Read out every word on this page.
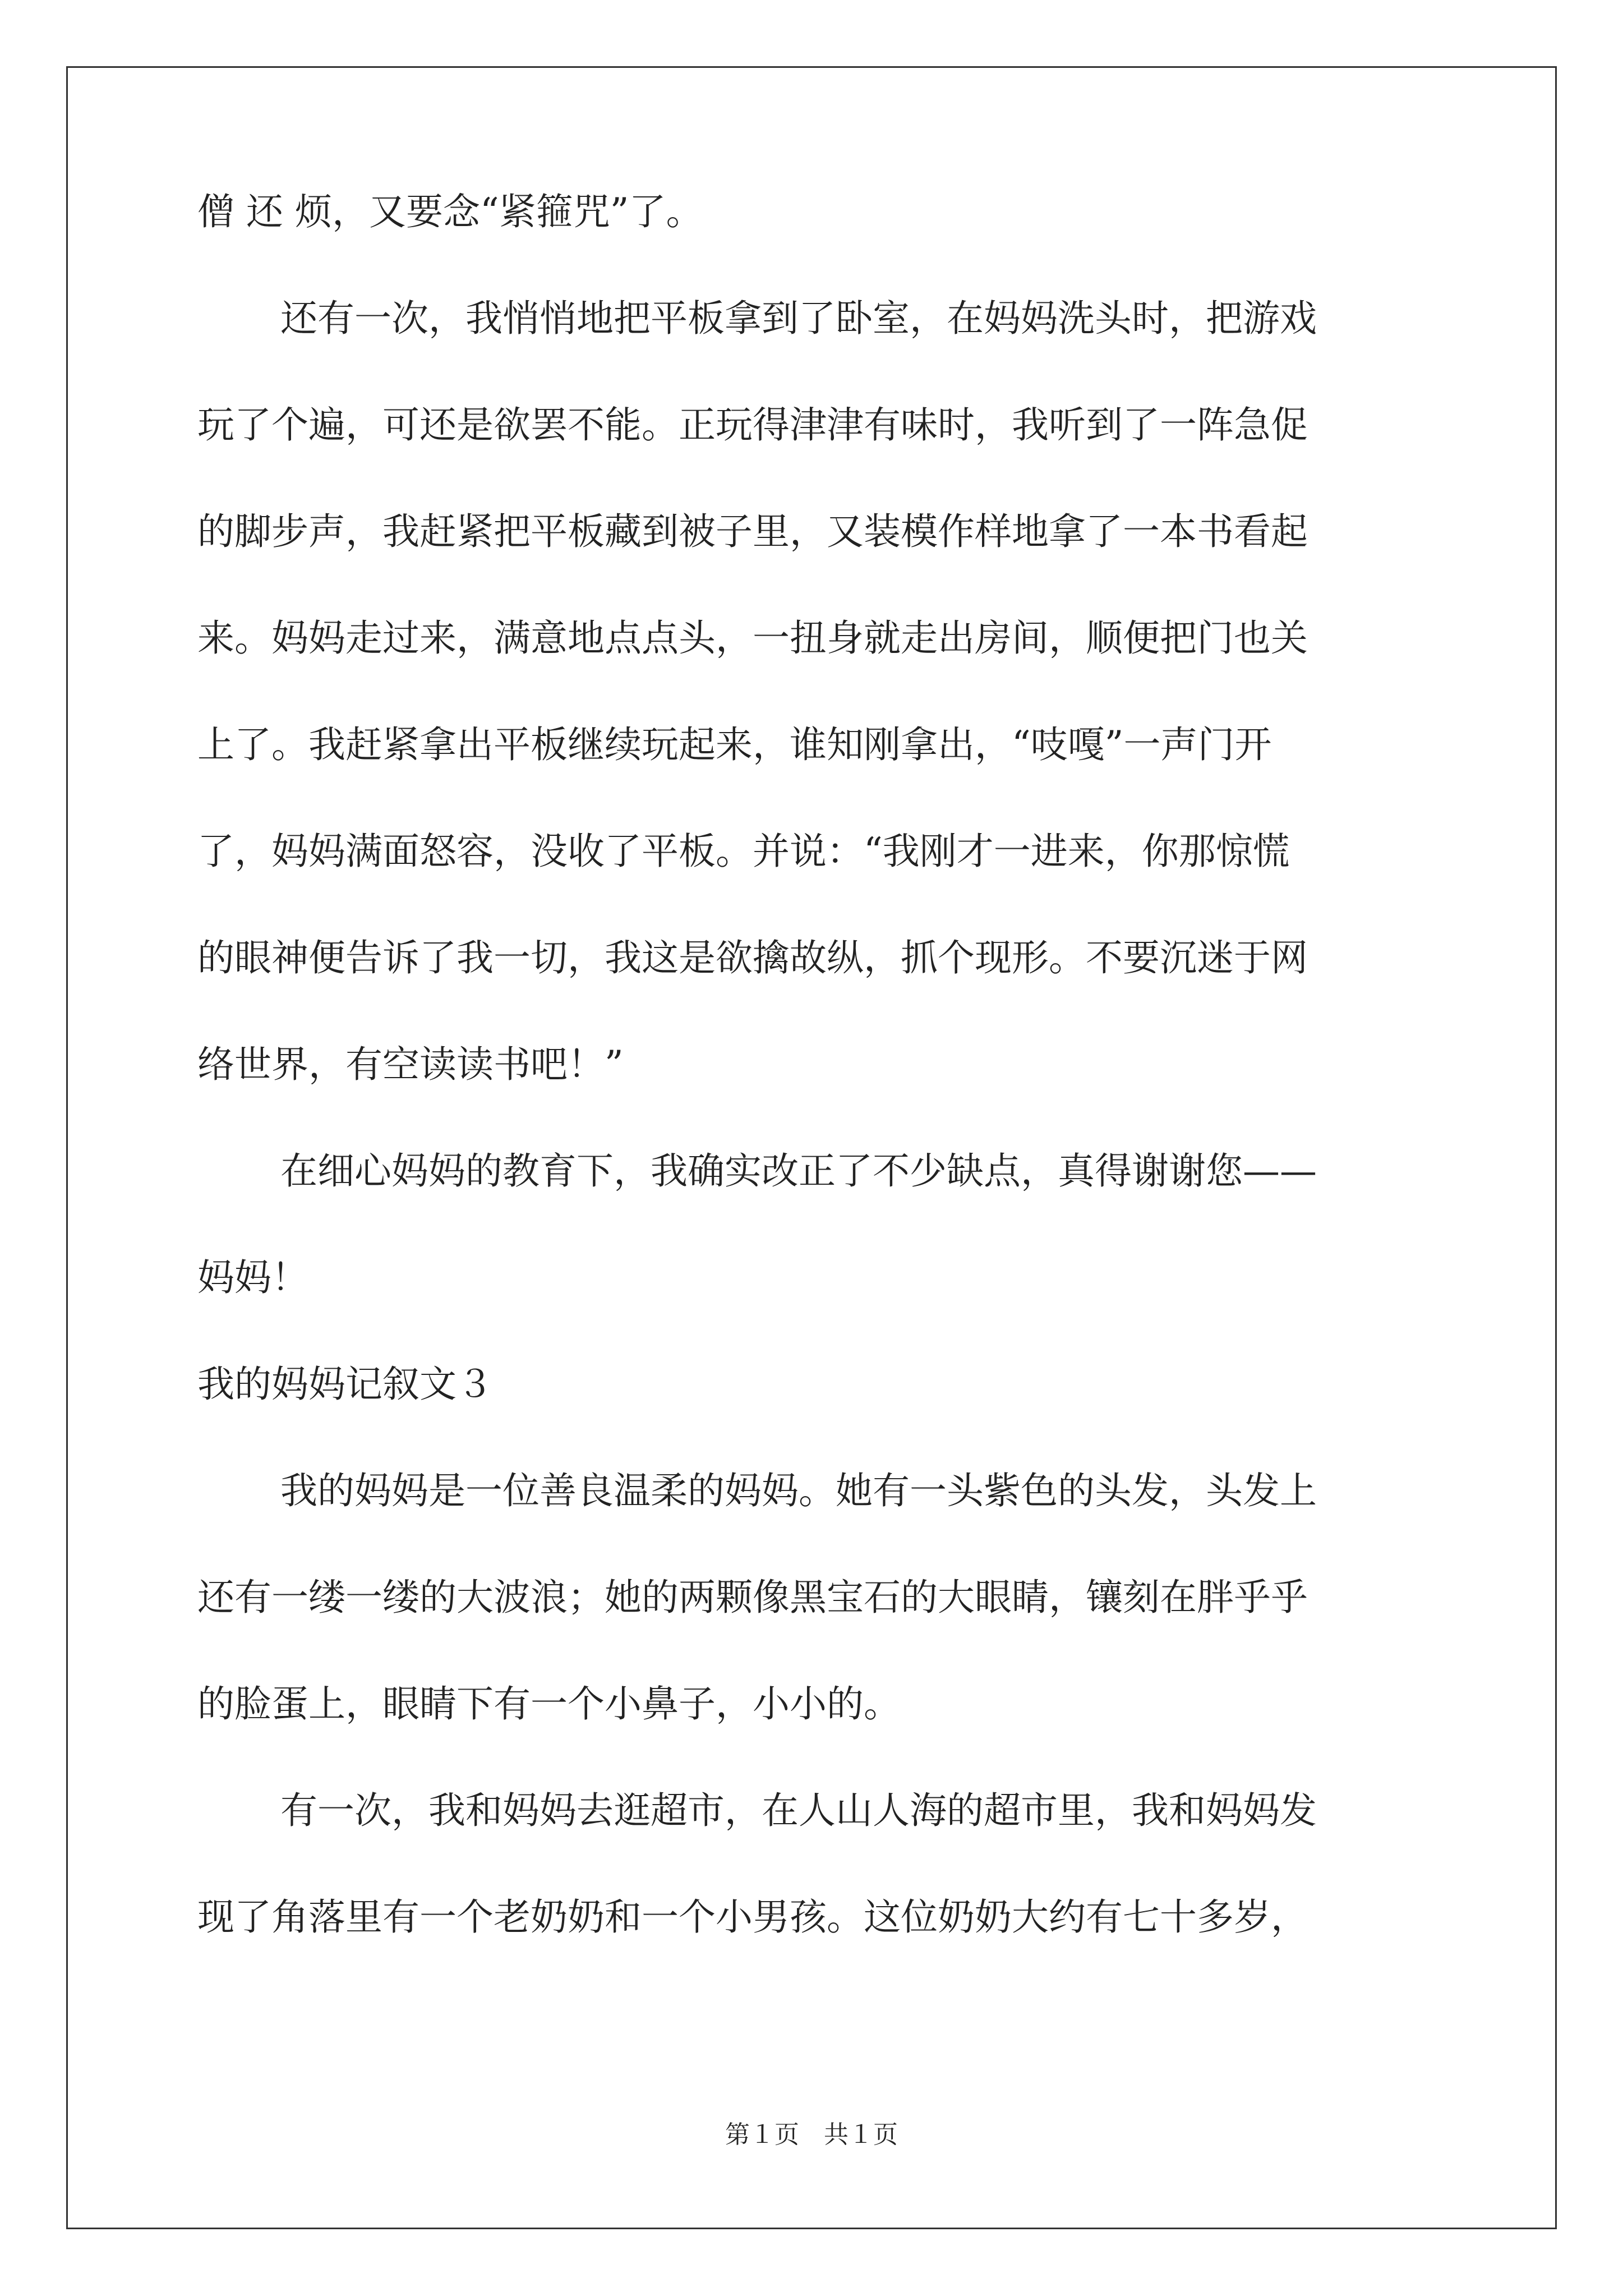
僧 还 烦，又要念“紧箍咒”了。
还有一次，我悄悄地把平板拿到了卧室，在妈妈洗头时，把游戏
玩了个遍，可还是欲罢不能。正玩得津津有味时，我听到了一阵急促
的脚步声，我赶紧把平板藏到被子里，又装模作样地拿了一本书看起
来。妈妈走过来，满意地点点头，一扭身就走出房间，顺便把门也关
上了。我赶紧拿出平板继续玩起来，谁知刚拿出，“吱嘎”一声门开
了，妈妈满面怒容，没收了平板。并说：“我刚才一进来，你那惊慌
的眼神便告诉了我一切，我这是欲擒故纵，抓个现形。不要沉迷于网
络世界，有空读读书吧！”
在细心妈妈的教育下，我确实改正了不少缺点，真得谢谢您——
妈妈！
我的妈妈记叙文３
我的妈妈是一位善良温柔的妈妈。她有一头紫色的头发，头发上
还有一缕一缕的大波浪；她的两颗像黑宝石的大眼睛，镶刻在胖乎乎
的脸蛋上，眼睛下有一个小鼻子，小小的。
有一次，我和妈妈去逛超市，在人山人海的超市里，我和妈妈发
现了角落里有一个老奶奶和一个小男孩。这位奶奶大约有七十多岁，
第１页　共１页
